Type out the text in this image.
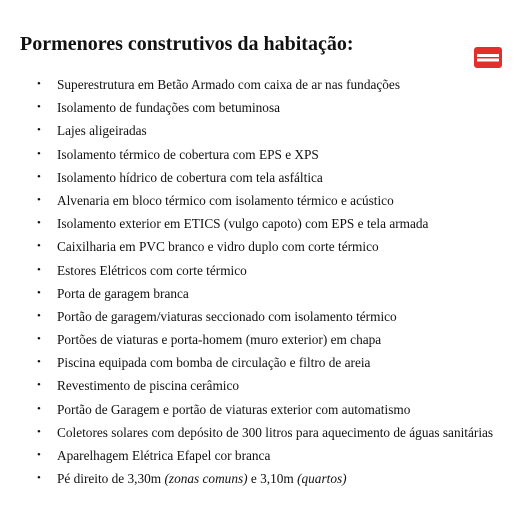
Pormenores construtivos da habitação:
• Superestrutura em Betão Armado com caixa de ar nas fundações
• Isolamento de fundações com betuminosa
• Lajes aligeiradas
• Isolamento térmico de cobertura com EPS e XPS
• Isolamento hídrico de cobertura com tela asfáltica
• Alvenaria em bloco térmico com isolamento térmico e acústico
• Isolamento exterior em ETICS (vulgo capoto) com EPS e tela armada
• Caixilharia em PVC branco e vidro duplo com corte térmico
• Estores Elétricos com corte térmico
• Porta de garagem branca
• Portão de garagem/viaturas seccionado com isolamento térmico
• Portões de viaturas e porta-homem (muro exterior) em chapa
• Piscina equipada com bomba de circulação e filtro de areia
• Revestimento de piscina cerâmico
• Portão de Garagem e portão de viaturas exterior com automatismo
• Coletores solares com depósito de 300 litros para aquecimento de águas sanitárias
• Aparelhagem Elétrica Efapel cor branca
• Pé direito de 3,30m (zonas comuns) e 3,10m (quartos)
